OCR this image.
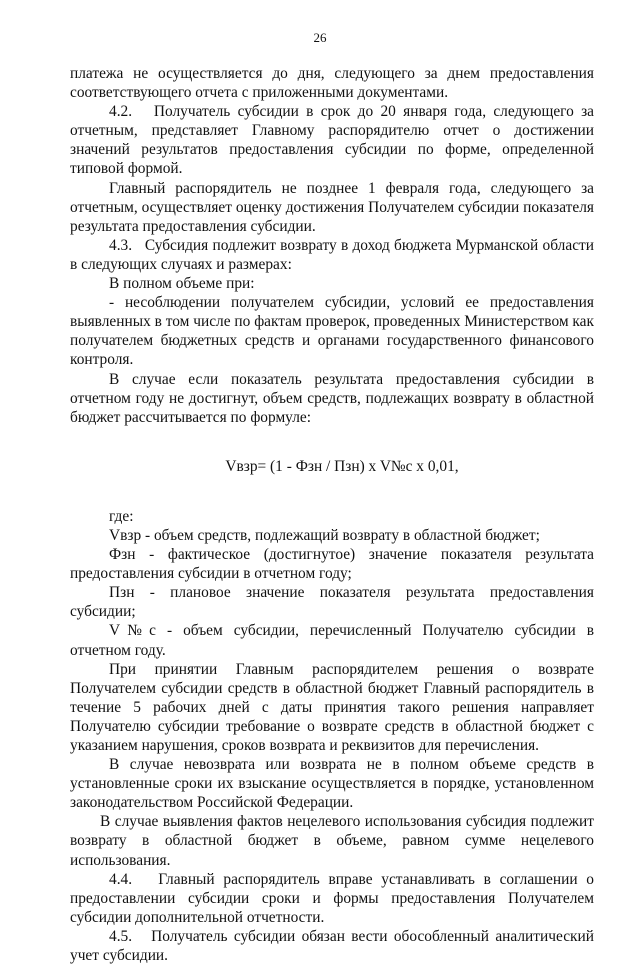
26

платежа не осуществляется до дня, следующего за днем предоставления соответствующего отчета с приложенными документами.

4.2.   Получатель субсидии в срок до 20 января года, следующего за отчетным, представляет Главному распорядителю отчет о достижении значений результатов предоставления субсидии по форме, определенной типовой формой.

Главный распорядитель не позднее 1 февраля года, следующего за отчетным, осуществляет оценку достижения Получателем субсидии показателя результата предоставления субсидии.

4.3.   Субсидия подлежит возврату в доход бюджета Мурманской области в следующих случаях и размерах:

В полном объеме при:

- несоблюдении получателем субсидии, условий ее предоставления выявленных в том числе по фактам проверок, проведенных Министерством как получателем бюджетных средств и органами государственного финансового контроля.

В случае если показатель результата предоставления субсидии в отчетном году не достигнут, объем средств, подлежащих возврату в областной бюджет рассчитывается по формуле:

Vвзр= (1 - Фзн / Пзн) x V№c x 0,01,

где:

Vвзр - объем средств, подлежащий возврату в областной бюджет;

Фзн - фактическое (достигнутое) значение показателя результата предоставления субсидии в отчетном году;

Пзн - плановое значение показателя результата предоставления субсидии;

V№c - объем субсидии, перечисленный Получателю субсидии в отчетном году.

При принятии Главным распорядителем решения о возврате Получателем субсидии средств в областной бюджет Главный распорядитель в течение 5 рабочих дней с даты принятия такого решения направляет Получателю субсидии требование о возврате средств в областной бюджет с указанием нарушения, сроков возврата и реквизитов для перечисления.

В случае невозврата или возврата не в полном объеме средств в установленные сроки их взыскание осуществляется в порядке, установленном законодательством Российской Федерации.

В случае выявления фактов нецелевого использования субсидия подлежит возврату в областной бюджет в объеме, равном сумме нецелевого использования.

4.4.   Главный распорядитель вправе устанавливать в соглашении о предоставлении субсидии сроки и формы предоставления Получателем субсидии дополнительной отчетности.

4.5.   Получатель субсидии обязан вести обособленный аналитический учет субсидии.
